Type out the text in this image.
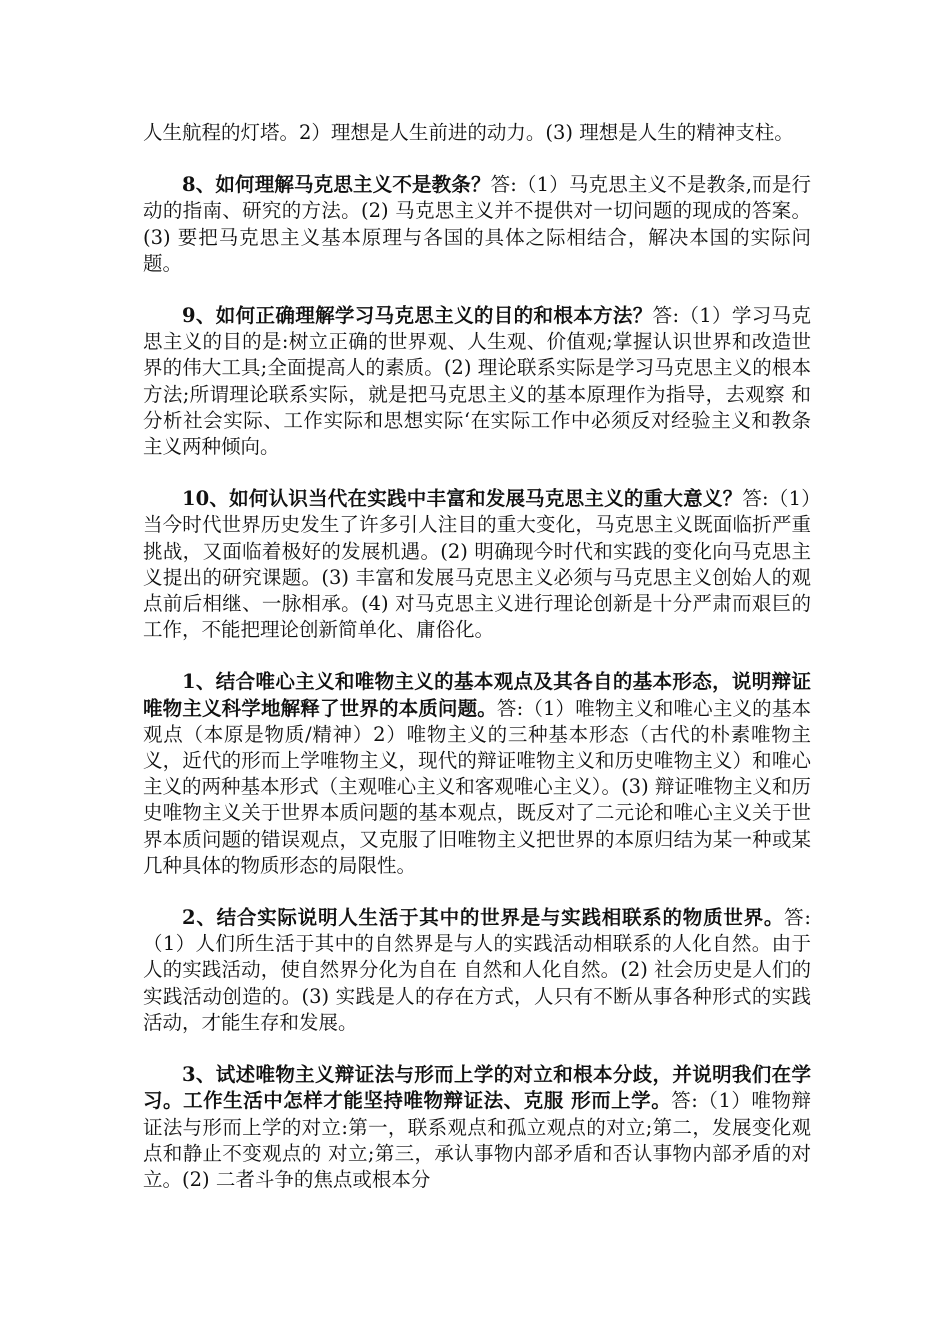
人生航程的灯塔。2）理想是人生前进的动力。(3) 理想是人生的精神支柱。

8、如何理解马克思主义不是教条？答:（1）马克思主义不是教条,而是行动的指南、研究的方法。(2) 马克思主义并不提供对一切问题的现成的答案。(3) 要把马克思主义基本原理与各国的具体之际相结合，解决本国的实际问题。

9、如何正确理解学习马克思主义的目的和根本方法？答:（1）学习马克思主义的目的是:树立正确的世界观、人生观、价值观;掌握认识世界和改造世界的伟大工具;全面提高人的素质。(2) 理论联系实际是学习马克思主义的根本方法;所谓理论联系实际，就是把马克思主义的基本原理作为指导，去观察 和分析社会实际、工作实际和思想实际‘在实际工作中必须反对经验主义和教条主义两种倾向。

10、如何认识当代在实践中丰富和发展马克思主义的重大意义？答:（1）当今时代世界历史发生了许多引人注目的重大变化，马克思主义既面临折严重挑战，又面临着极好的发展机遇。(2) 明确现今时代和实践的变化向马克思主义提出的研究课题。(3) 丰富和发展马克思主义必须与马克思主义创始人的观点前后相继、一脉相承。(4) 对马克思主义进行理论创新是十分严肃而艰巨的工作，不能把理论创新简单化、庸俗化。

1、结合唯心主义和唯物主义的基本观点及其各自的基本形态，说明辩证唯物主义科学地解释了世界的本质问题。答:（1）唯物主义和唯心主义的基本观点（本原是物质/精神）2）唯物主义的三种基本形态（古代的朴素唯物主义，近代的形而上学唯物主义，现代的辩证唯物主义和历史唯物主义）和唯心主义的两种基本形式（主观唯心主义和客观唯心主义）。(3) 辩证唯物主义和历史唯物主义关于世界本质问题的基本观点，既反对了二元论和唯心主义关于世界本质问题的错误观点，又克服了旧唯物主义把世界的本原归结为某一种或某几种具体的物质形态的局限性。

2、结合实际说明人生活于其中的世界是与实践相联系的物质世界。答:（1）人们所生活于其中的自然界是与人的实践活动相联系的人化自然。由于人的实践活动，使自然界分化为自在 自然和人化自然。(2) 社会历史是人们的实践活动创造的。(3) 实践是人的存在方式，人只有不断从事各种形式的实践活动，才能生存和发展。

3、试述唯物主义辩证法与形而上学的对立和根本分歧，并说明我们在学习。工作生活中怎样才能坚持唯物辩证法、克服 形而上学。答:（1）唯物辩证法与形而上学的对立:第一，联系观点和孤立观点的对立;第二，发展变化观点和静止不变观点的 对立;第三，承认事物内部矛盾和否认事物内部矛盾的对立。(2) 二者斗争的焦点或根本分
